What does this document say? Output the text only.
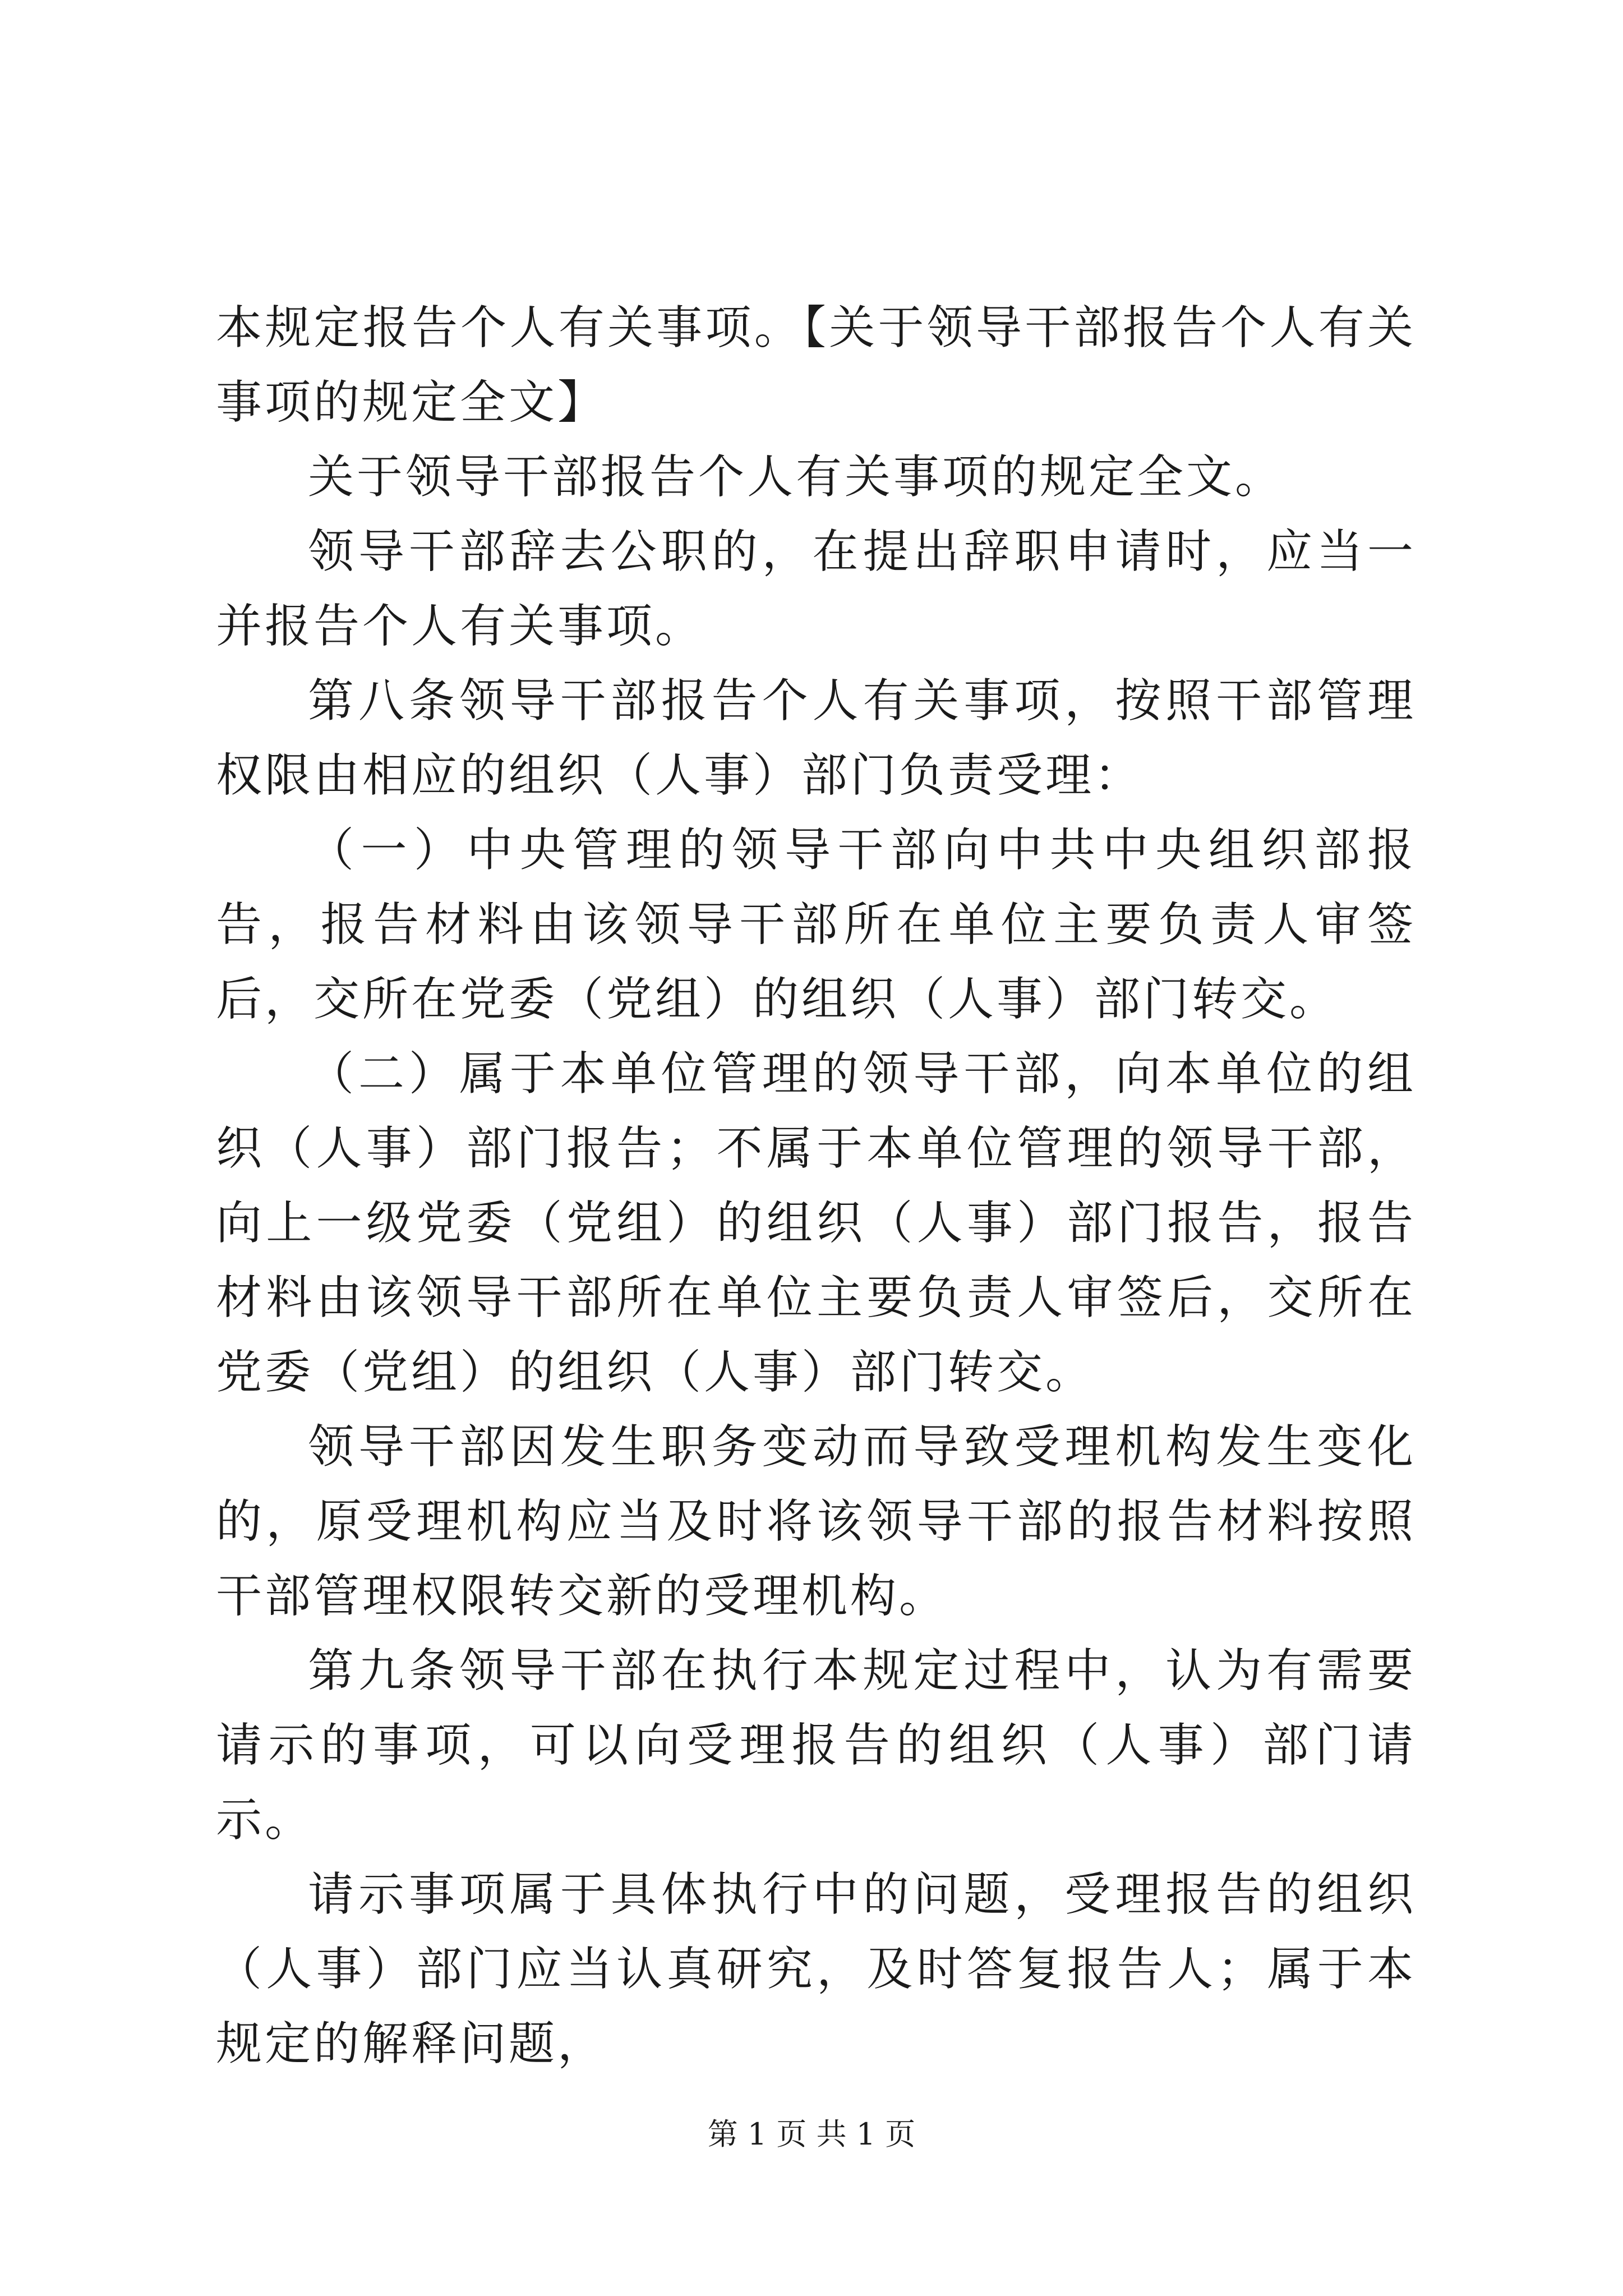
本规定报告个人有关事项。【关于领导干部报告个人有关事项的规定全文】

关于领导干部报告个人有关事项的规定全文。

领导干部辞去公职的，在提出辞职申请时，应当一并报告个人有关事项。

第八条领导干部报告个人有关事项，按照干部管理权限由相应的组织（人事）部门负责受理：

（一）中央管理的领导干部向中共中央组织部报告，报告材料由该领导干部所在单位主要负责人审签后，交所在党委（党组）的组织（人事）部门转交。

（二）属于本单位管理的领导干部，向本单位的组织（人事）部门报告；不属于本单位管理的领导干部，向上一级党委（党组）的组织（人事）部门报告，报告材料由该领导干部所在单位主要负责人审签后，交所在党委（党组）的组织（人事）部门转交。

领导干部因发生职务变动而导致受理机构发生变化的，原受理机构应当及时将该领导干部的报告材料按照干部管理权限转交新的受理机构。

第九条领导干部在执行本规定过程中，认为有需要请示的事项，可以向受理报告的组织（人事）部门请示。

请示事项属于具体执行中的问题，受理报告的组织（人事）部门应当认真研究，及时答复报告人；属于本规定的解释问题，

第 1 页 共 1 页
